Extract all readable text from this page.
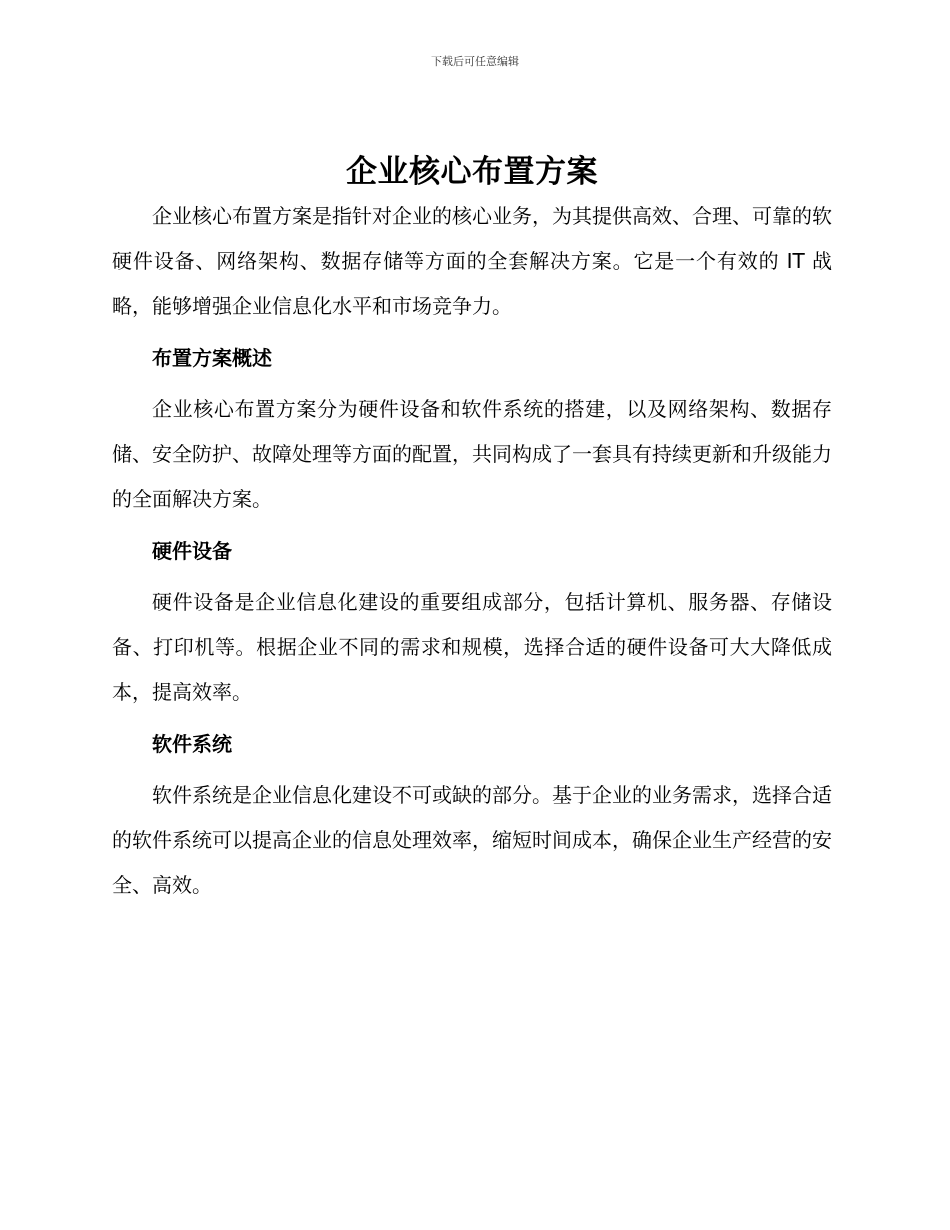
下载后可任意编辑
企业核心布置方案

企业核心布置方案是指针对企业的核心业务，为其提供高效、合理、可靠的软硬件设备、网络架构、数据存储等方面的全套解决方案。它是一个有效的 IT 战略，能够增强企业信息化水平和市场竞争力。

布置方案概述

企业核心布置方案分为硬件设备和软件系统的搭建，以及网络架构、数据存储、安全防护、故障处理等方面的配置，共同构成了一套具有持续更新和升级能力的全面解决方案。

硬件设备

硬件设备是企业信息化建设的重要组成部分，包括计算机、服务器、存储设备、打印机等。根据企业不同的需求和规模，选择合适的硬件设备可大大降低成本，提高效率。

软件系统

软件系统是企业信息化建设不可或缺的部分。基于企业的业务需求，选择合适的软件系统可以提高企业的信息处理效率，缩短时间成本，确保企业生产经营的安全、高效。
